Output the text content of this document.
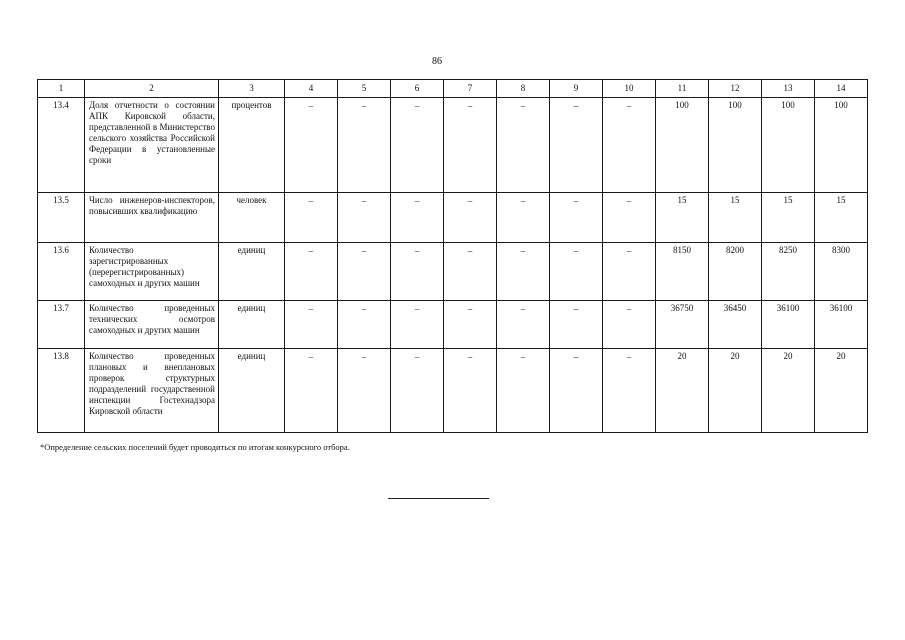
86
1	2	3	4	5	6	7	8	9	10	11	12	13	14
13.4	Доля отчетности о состоянии АПК Кировской области, представленной в Министерство сельского хозяйства Российской Федерации в установленные сроки	процентов	–	–	–	–	–	–	–	100	100	100	100
13.5	Число инженеров-инспекторов, повысивших квалификацию	человек	–	–	–	–	–	–	–	15	15	15	15
13.6	Количество зарегистрированных (перерегистрированных) самоходных и других машин	единиц	–	–	–	–	–	–	–	8150	8200	8250	8300
13.7	Количество проведенных технических осмотров самоходных и других машин	единиц	–	–	–	–	–	–	–	36750	36450	36100	36100
13.8	Количество проведенных плановых и внеплановых проверок структурных подразделений государственной инспекции Гостехнадзора Кировской области	единиц	–	–	–	–	–	–	–	20	20	20	20
*Определение сельских поселений будет проводиться по итогам конкурсного отбора.
